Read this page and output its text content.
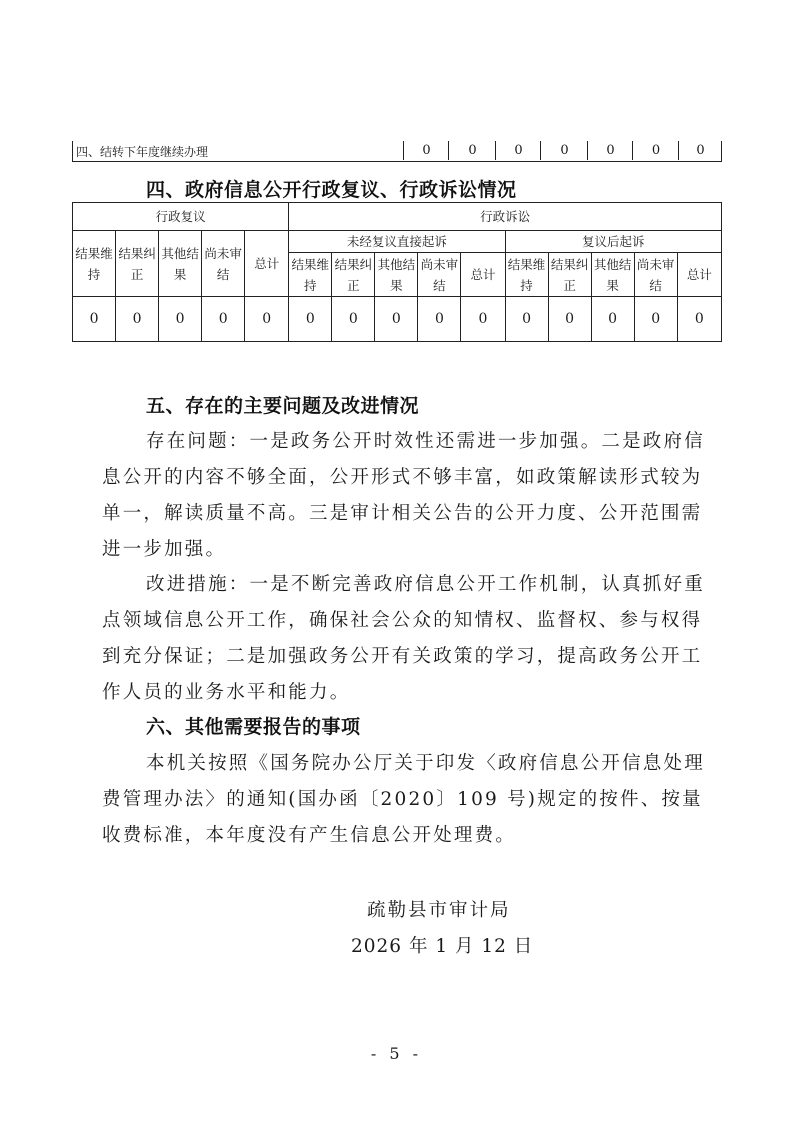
四、结转下年度继续办理	0	0	0	0	0	0	0
四、政府信息公开行政复议、行政诉讼情况
行政复议					行政诉讼									
结果维持	结果纠正	其他结果	尚未审结	总计	未经复议直接起诉					复议后起诉				
					结果维持	结果纠正	其他结果	尚未审结	总计	结果维持	结果纠正	其他结果	尚未审结	总计
0	0	0	0	0	0	0	0	0	0	0	0	0	0	0
五、存在的主要问题及改进情况

存在问题：一是政务公开时效性还需进一步加强。二是政府信息公开的内容不够全面，公开形式不够丰富，如政策解读形式较为单一，解读质量不高。三是审计相关公告的公开力度、公开范围需进一步加强。

改进措施：一是不断完善政府信息公开工作机制，认真抓好重点领域信息公开工作，确保社会公众的知情权、监督权、参与权得到充分保证；二是加强政务公开有关政策的学习，提高政务公开工作人员的业务水平和能力。

六、其他需要报告的事项

本机关按照《国务院办公厅关于印发〈政府信息公开信息处理费管理办法〉的通知(国办函〔2020〕109 号)规定的按件、按量收费标准，本年度没有产生信息公开处理费。

疏勒县市审计局
2026 年 1 月 12 日
- 5 -
